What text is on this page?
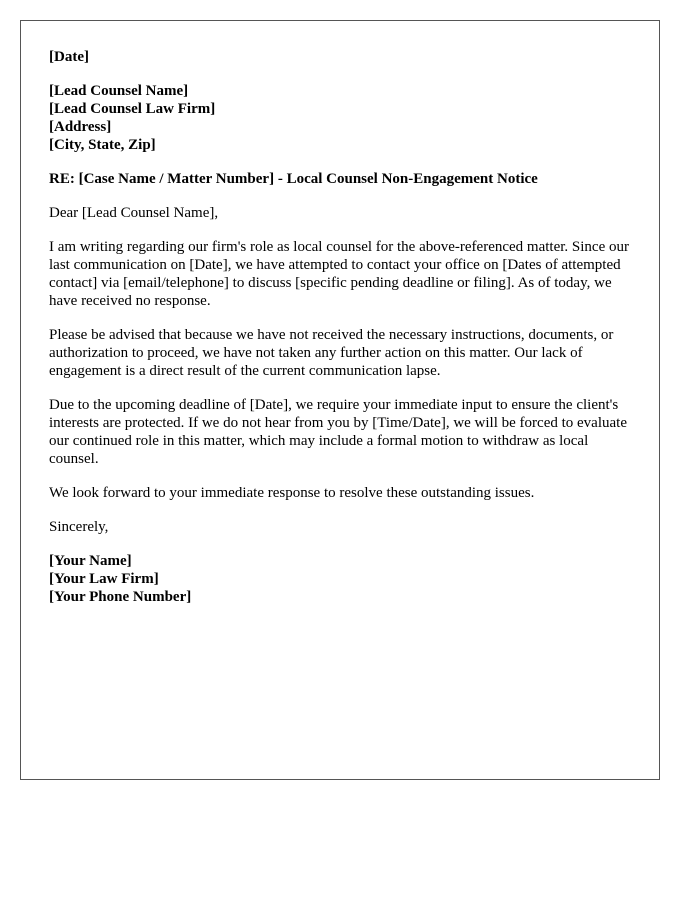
[Date]
[Lead Counsel Name]
[Lead Counsel Law Firm]
[Address]
[City, State, Zip]
RE: [Case Name / Matter Number] - Local Counsel Non-Engagement Notice

Dear [Lead Counsel Name],

I am writing regarding our firm's role as local counsel for the above-referenced matter. Since our last communication on [Date], we have attempted to contact your office on [Dates of attempted contact] via [email/telephone] to discuss [specific pending deadline or filing]. As of today, we have received no response.

Please be advised that because we have not received the necessary instructions, documents, or authorization to proceed, we have not taken any further action on this matter. Our lack of engagement is a direct result of the current communication lapse.

Due to the upcoming deadline of [Date], we require your immediate input to ensure the client's interests are protected. If we do not hear from you by [Time/Date], we will be forced to evaluate our continued role in this matter, which may include a formal motion to withdraw as local counsel.

We look forward to your immediate response to resolve these outstanding issues.

Sincerely,

[Your Name]
[Your Law Firm]
[Your Phone Number]
